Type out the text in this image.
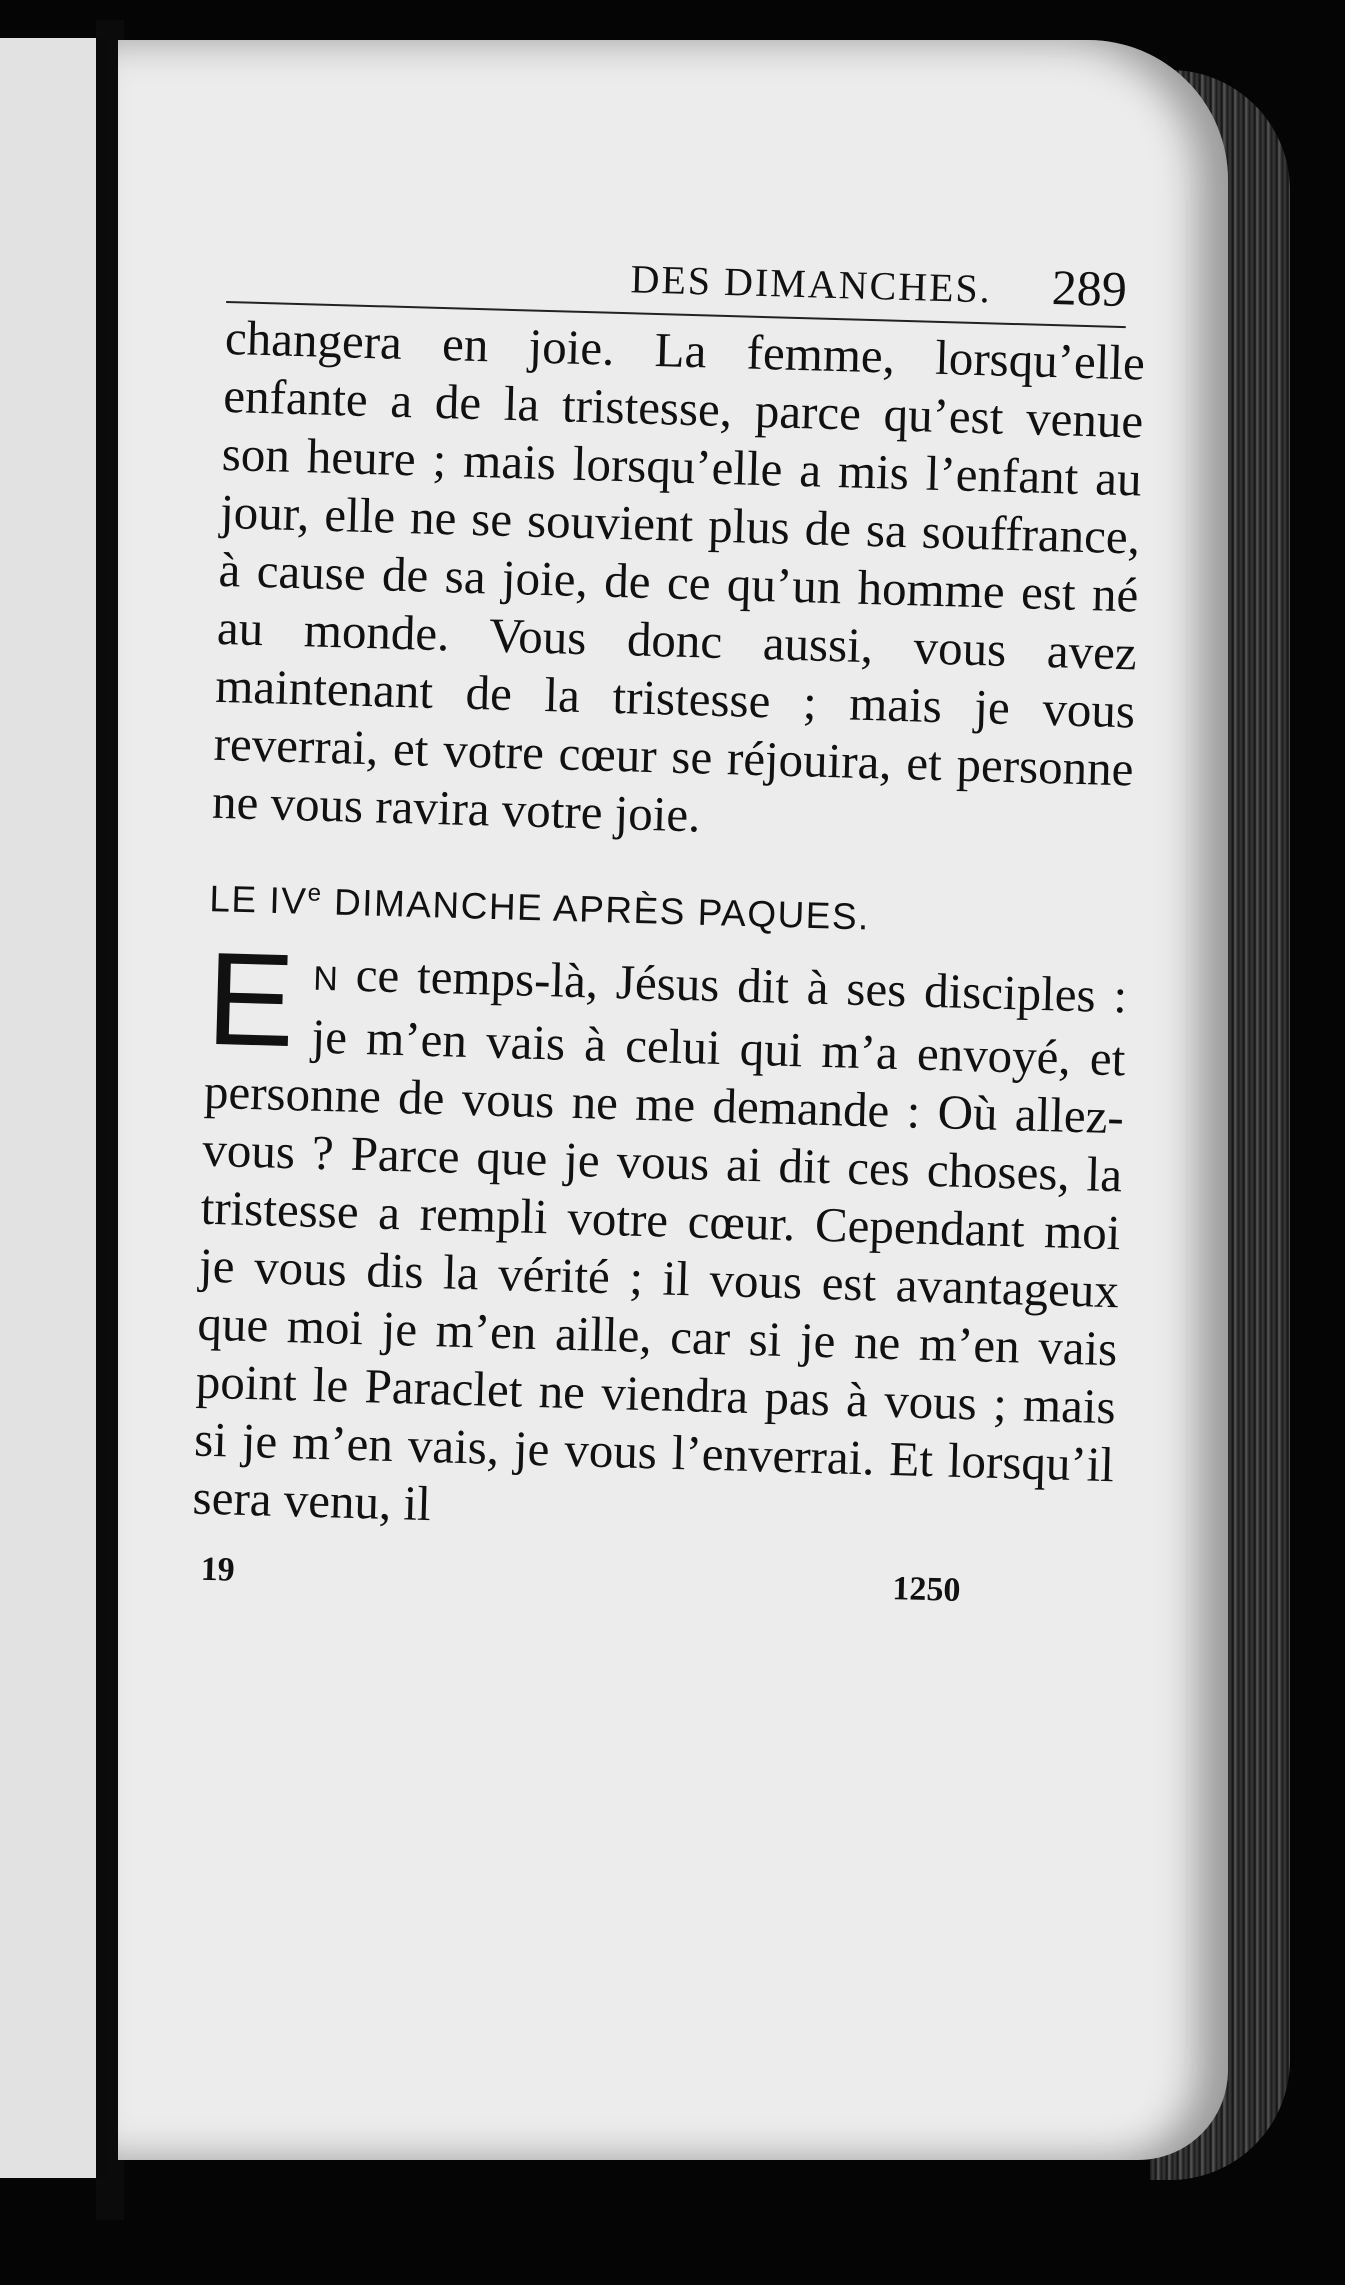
DES DIMANCHES. 289

changera en joie. La femme, lorsqu’elle enfante a de la tristesse, parce qu’est venue son heure ; mais lorsqu’elle a mis l’enfant au jour, elle ne se souvient plus de sa souffrance, à cause de sa joie, de ce qu’un homme est né au monde. Vous donc aussi, vous avez maintenant de la tristesse ; mais je vous reverrai, et votre cœur se réjouira, et personne ne vous ravira votre joie.

LE IVe DIMANCHE APRÈS PAQUES.

E N ce temps-là, Jésus dit à ses disciples : je m’en vais à celui qui m’a envoyé, et personne de vous ne me demande : Où allez-vous ? Parce que je vous ai dit ces choses, la tristesse a rempli votre cœur. Cependant moi je vous dis la vérité ; il vous est avantageux que moi je m’en aille, car si je ne m’en vais point le Paraclet ne viendra pas à vous ; mais si je m’en vais, je vous l’enverrai. Et lorsqu’il sera venu, il

19
1250
